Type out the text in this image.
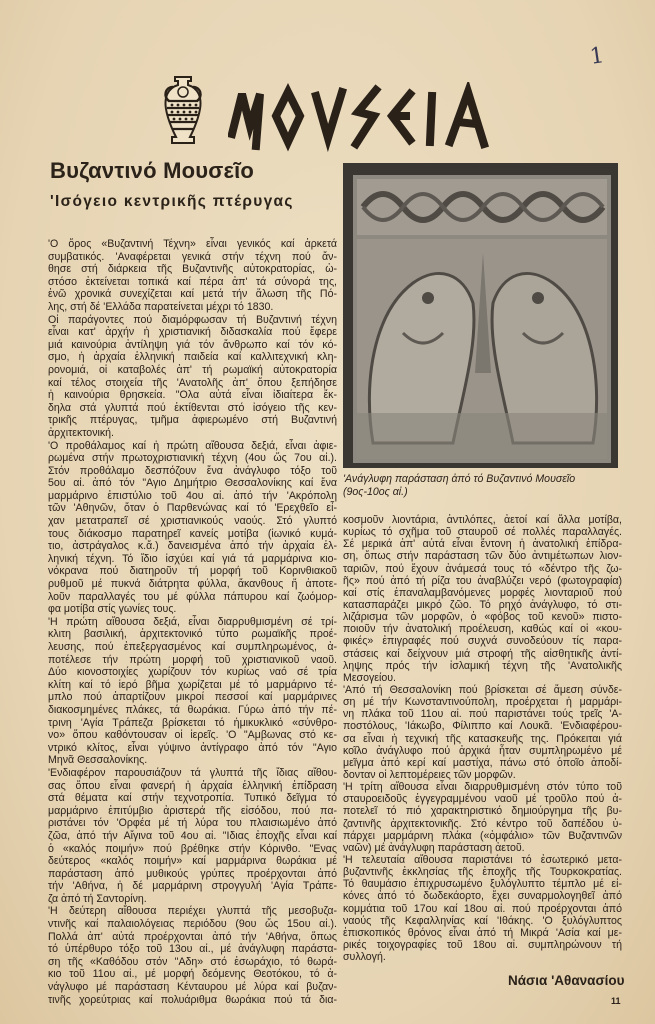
1
Βυζαντινό Μουσεῖο
'Ισόγειο κεντρικῆς πτέρυγας
'Ο ὅρος «Βυζαντινή Τέχνη» εἶναι γενικός καί ἀρκετά
συμβατικός. 'Αναφέρεται γενικά στήν τέχνη πού ἄν-
θησε στή διάρκεια τῆς Βυζαντινῆς αὐτοκρατορίας, ὡ-
στόσο ἐκτείνεται τοπικά καί πέρα ἀπ' τά σύνορά της,
ἐνῶ χρονικά συνεχίζεται καί μετά τήν ἅλωση τῆς Πό-
λης, στή δέ 'Ελλάδα παρατείνεται μέχρι τό 1830.
Οἱ παράγοντες πού διαμόρφωσαν τή Βυζαντινή τέχνη
εἶναι κατ' ἀρχήν ἡ χριστιανική διδασκαλία πού ἔφερε
μιά καινούρια ἀντίληψη γιά τόν ἄνθρωπο καί τόν κό-
σμο, ἡ ἀρχαία ἑλληνική παιδεία καί καλλιτεχνική κλη-
ρονομιά, οἱ καταβολές ἀπ' τή ρωμαϊκή αὐτοκρατορία
καί τέλος στοιχεία τῆς 'Ανατολῆς ἀπ' ὅπου ξεπήδησε
ἡ καινούρια θρησκεία. "Ολα αὐτά εἶναι ἰδιαίτερα ἔκ-
δηλα στά γλυπτά πού ἐκτίθενται στό ἰσόγειο τῆς κεν-
τρικῆς πτέρυγας, τμῆμα ἀφιερωμένο στή Βυζαντινή
ἀρχιτεκτονική.
'Ο προθάλαμος καί ἡ πρώτη αἴθουσα δεξιά, εἶναι ἀφιε-
ρωμένα στήν πρωτοχριστιανική τέχνη (4ου ὥς 7ου αἰ.).
Στόν προθάλαμο δεσπόζουν ἕνα ἀνάγλυφο τόξο τοῦ
5ου αἰ. ἀπό τόν "Αγιο Δημήτριο Θεσσαλονίκης καί ἕνα
μαρμάρινο ἐπιστύλιο τοῦ 4ου αἰ. ἀπό τήν 'Ακρόπολη
τῶν 'Αθηνῶν, ὅταν ὁ Παρθενώνας καί τό 'Ερεχθεῖο εἶ-
χαν μετατραπεῖ σέ χριστιανικούς ναούς. Στό γλυπτό
τους διάκοσμο παρατηρεῖ κανείς μοτίβα (ἰωνικό κυμά-
τιο, ἀστράγαλος κ.ἄ.) δανεισμένα ἀπό τήν ἀρχαία ἑλ-
ληνική τέχνη. Τό ἴδιο ἰσχύει καί γιά τά μαρμάρινα κιο-
νόκρανα πού διατηροῦν τή μορφή τοῦ Κορινθιακοῦ
ρυθμοῦ μέ πυκνά διάτρητα φύλλα, ἄκανθους ἤ ἀποτε-
λοῦν παραλλαγές του μέ φύλλα πάπυρου καί ζωόμορ-
φα μοτίβα στίς γωνίες τους.
'Η πρώτη αἴθουσα δεξιά, εἶναι διαρρυθμισμένη σέ τρί-
κλιτη βασιλική, ἀρχιτεκτονικό τύπο ρωμαϊκῆς προέ-
λευσης, πού ἐπεξεργασμένος καί συμπληρωμένος, ἀ-
ποτέλεσε τήν πρώτη μορφή τοῦ χριστιανικοῦ ναοῦ.
Δύο κιονοστοιχίες χωρίζουν τόν κυρίως ναό σέ τρία
κλίτη καί τό ἱερό βῆμα χωρίζεται μέ τό μαρμάρινο τέ-
μπλο πού ἀπαρτίζουν μικροί πεσσοί καί μαρμάρινες
διακοσμημένες πλάκες, τά θωράκια. Γύρω ἀπό τήν πέ-
τρινη 'Αγία Τράπεζα βρίσκεται τό ἡμικυκλικό «σύνθρο-
νο» ὅπου καθόντουσαν οἱ ἱερεῖς. 'Ο "Αμβωνας στό κε-
ντρικό κλίτος, εἶναι γύψινο ἀντίγραφο ἀπό τόν "Αγιο
Μηνᾶ Θεσσαλονίκης.
'Ενδιαφέρον παρουσιάζουν τά γλυπτά τῆς ἴδιας αἴθου-
σας ὅπου εἶναι φανερή ἡ ἀρχαία ἑλληνική ἐπίδραση
στά θέματα καί στήν τεχνοτροπία. Τυπικό δεῖγμα τό
μαρμάρινο ἐπιτύμβιο ἀριστερά τῆς εἰσόδου, πού πα-
ριστάνει τόν 'Ορφέα μέ τή λύρα του πλαισιωμένο ἀπό
ζῶα, ἀπό τήν Αἴγινα τοῦ 4ου αἰ. "Ιδιας ἐποχῆς εἶναι καί
ὁ «καλός ποιμήν» πού βρέθηκε στήν Κόρινθο. "Ενας
δεύτερος «καλός ποιμήν» καί μαρμάρινα θωράκια μέ
παράσταση ἀπό μυθικούς γρύπες προέρχονται ἀπό
τήν 'Αθήνα, ἡ δέ μαρμάρινη στρογγυλή 'Αγία Τράπε-
ζα ἀπό τή Σαντορίνη.
'Η δεύτερη αἴθουσα περιέχει γλυπτά τῆς μεσοβυζα-
ντινῆς καί παλαιολόγειας περιόδου (9ου ὥς 15ου αἰ.).
Πολλά ἀπ' αὐτά προέρχονται ἀπό τήν 'Αθήνα, ὅπως
τό ὑπέρθυρο τόξο τοῦ 13ου αἰ., μέ ἀνάγλυφη παράστα-
ση τῆς «Καθόδου στόν "Αδη» στό ἐσωράχιο, τό θωρά-
κιο τοῦ 11ου αἰ., μέ μορφή δεόμενης Θεοτόκου, τό ἀ-
νάγλυφο μέ παράσταση Κένταυρου μέ λύρα καί βυζαν-
τινῆς χορεύτριας καί πολυάριθμα θωράκια πού τά δια-
'Ανάγλυφη παράσταση ἀπό τό Βυζαντινό Μουσεῖο
(9ος-10ος αἰ.)
κοσμοῦν λιοντάρια, ἀντιλόπες, ἀετοί καί ἄλλα μοτίβα,
κυρίως τό σχῆμα τοῦ σταυροῦ σέ πολλές παραλλαγές.
Σέ μερικά ἀπ' αὐτά εἶναι ἔντονη ἡ ἀνατολική ἐπίδρα-
ση, ὅπως στήν παράσταση τῶν δύο ἀντιμέτωπων λιον-
ταριῶν, πού ἔχουν ἀνάμεσά τους τό «δέντρο τῆς ζω-
ῆς» πού ἀπό τή ρίζα του ἀναβλύζει νερό (φωτογραφία)
καί στίς ἐπαναλαμβανόμενες μορφές λιονταριοῦ πού
κατασπαράζει μικρό ζῶο. Τό ρηχό ἀνάγλυφο, τό στι-
λιζάρισμα τῶν μορφῶν, ὁ «φόβος τοῦ κενοῦ» πιστο-
ποιοῦν τήν ἀνατολική προέλευση, καθώς καί οἱ «κου-
φικές» ἐπιγραφές πού συχνά συνοδεύουν τίς παρα-
στάσεις καί δείχνουν μιά στροφή τῆς αἰσθητικῆς ἀντί-
ληψης πρός τήν ἰσλαμική τέχνη τῆς 'Ανατολικῆς
Μεσογείου.
'Από τή Θεσσαλονίκη πού βρίσκεται σέ ἄμεση σύνδε-
ση μέ τήν Κωνσταντινούπολη, προέρχεται ἡ μαρμάρι-
νη πλάκα τοῦ 11ου αἰ. πού παριστάνει τούς τρεῖς 'Α-
ποστόλους, 'Ιάκωβο, Φίλιππο καί Λουκᾶ. 'Ενδιαφέρου-
σα εἶναι ἡ τεχνική τῆς κατασκευῆς της. Πρόκειται γιά
κοῖλο ἀνάγλυφο πού ἀρχικά ἦταν συμπληρωμένο μέ
μεῖγμα ἀπό κερί καί μαστίχα, πάνω στό ὁποῖο ἀποδί-
δονταν οἱ λεπτομέρειες τῶν μορφῶν.
'Η τρίτη αἴθουσα εἶναι διαρρυθμισμένη στόν τύπο τοῦ
σταυροειδοῦς ἐγγεγραμμένου ναοῦ μέ τροῦλο πού ἀ-
ποτελεῖ τό πιό χαρακτηριστικό δημιούργημα τῆς βυ-
ζαντινῆς ἀρχιτεκτονικῆς. Στό κέντρο τοῦ δαπέδου ὑ-
πάρχει μαρμάρινη πλάκα («ὀμφάλιο» τῶν Βυζαντινῶν
ναῶν) μέ ἀνάγλυφη παράσταση ἀετοῦ.
'Η τελευταία αἴθουσα παριστάνει τό ἐσωτερικό μετα-
βυζαντινῆς ἐκκλησίας τῆς ἐποχῆς τῆς Τουρκοκρατίας.
Τό θαυμάσιο ἐπιχρυσωμένο ξυλόγλυπτο τέμπλο μέ εἰ-
κόνες ἀπό τό δωδεκάορτο, ἔχει συναρμολογηθεῖ ἀπό
κομμάτια τοῦ 17ου καί 18ου αἰ. πού προέρχονται ἀπό
ναούς τῆς Κεφαλληνίας καί 'Ιθάκης. 'Ο ξυλόγλυπτος
ἐπισκοπικός θρόνος εἶναι ἀπό τή Μικρά 'Ασία καί με-
ρικές τοιχογραφίες τοῦ 18ου αἰ. συμπληρώνουν τή
συλλογή.
Νάσια 'Αθανασίου
11
